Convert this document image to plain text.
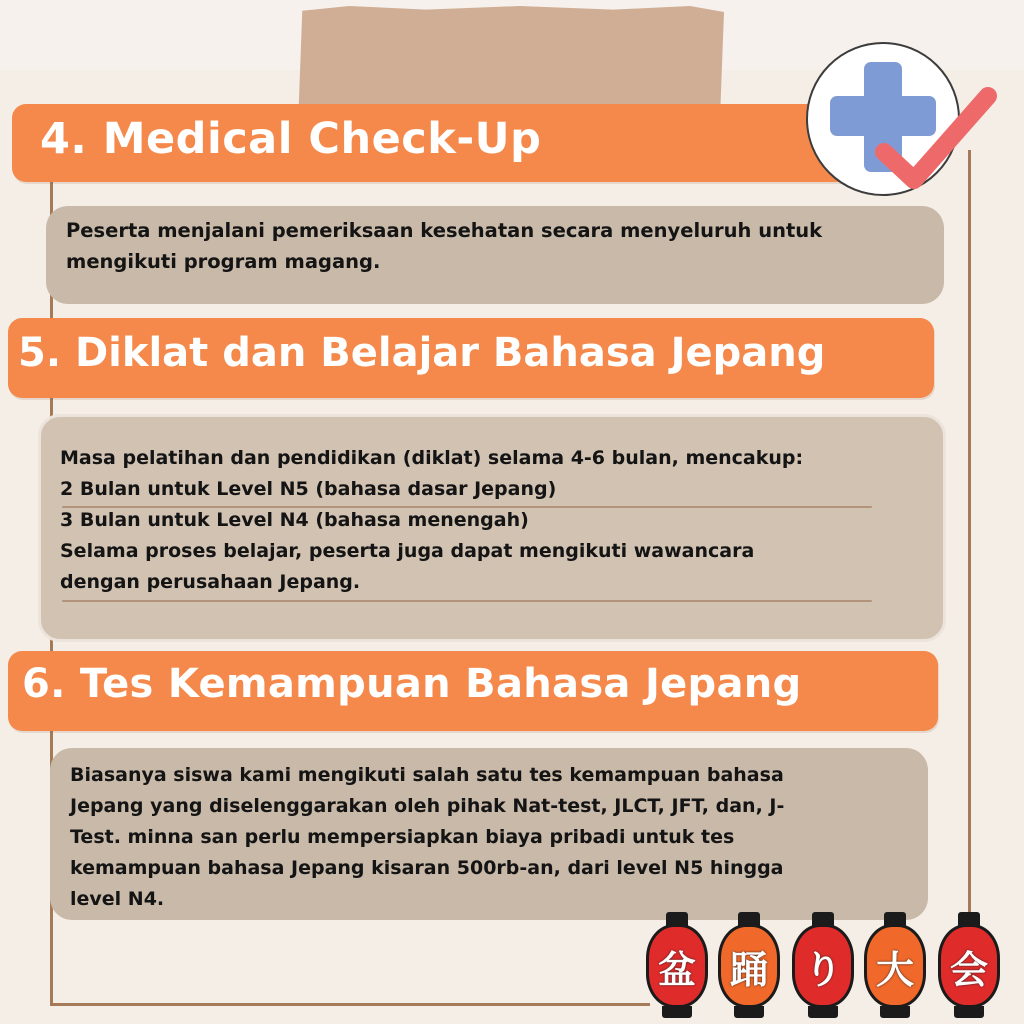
4. Medical Check-Up
Peserta menjalani pemeriksaan kesehatan secara menyeluruh untuk
mengikuti program magang.
5. Diklat dan Belajar Bahasa Jepang
Masa pelatihan dan pendidikan (diklat) selama 4-6 bulan, mencakup:
2 Bulan untuk Level N5 (bahasa dasar Jepang)
3 Bulan untuk Level N4 (bahasa menengah)
Selama proses belajar, peserta juga dapat mengikuti wawancara
dengan perusahaan Jepang.
6. Tes Kemampuan Bahasa Jepang
Biasanya siswa kami mengikuti salah satu tes kemampuan bahasa
Jepang yang diselenggarakan oleh pihak Nat-test, JLCT, JFT, dan, J-
Test. minna san perlu mempersiapkan biaya pribadi untuk tes
kemampuan bahasa Jepang kisaran 500rb-an, dari level N5 hingga
level N4.
盆 踊 り 大 会
